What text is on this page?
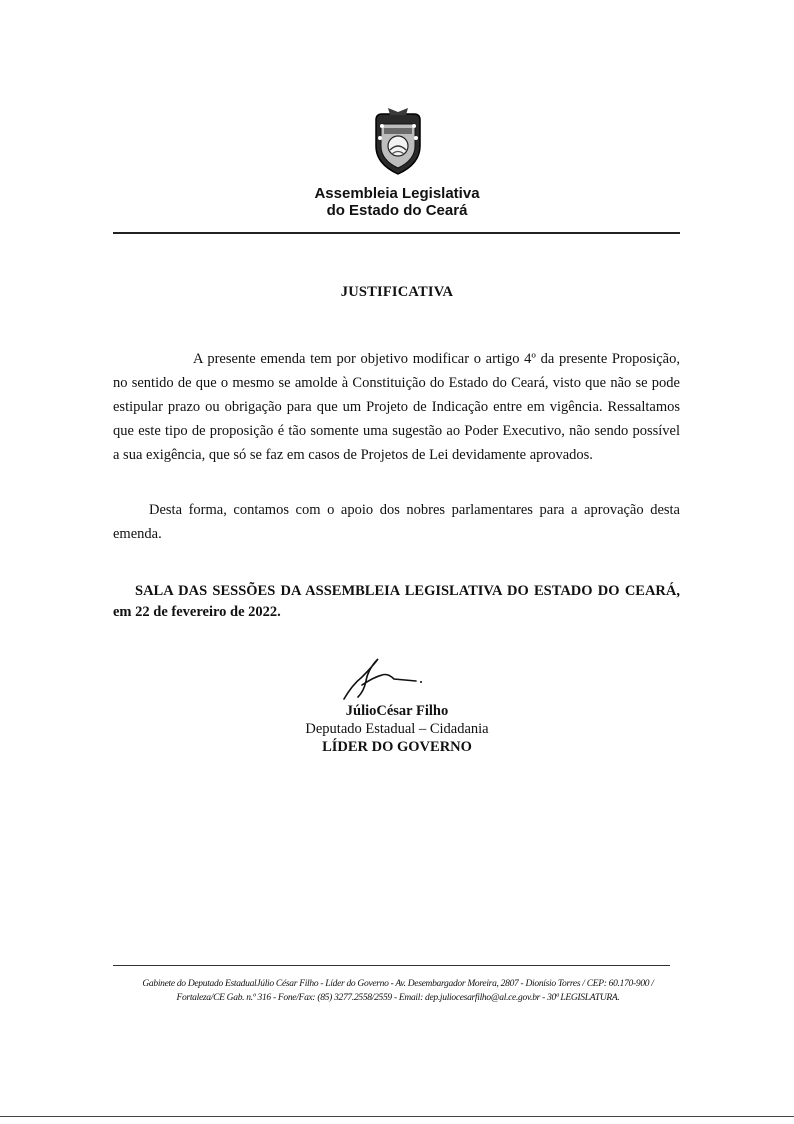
Assembleia Legislativa
do Estado do Ceará
JUSTIFICATIVA

A presente emenda tem por objetivo modificar o artigo 4º da presente Proposição, no sentido de que o mesmo se amolde à Constituição do Estado do Ceará, visto que não se pode estipular prazo ou obrigação para que um Projeto de Indicação entre em vigência. Ressaltamos que este tipo de proposição é tão somente uma sugestão ao Poder Executivo, não sendo possível a sua exigência, que só se faz em casos de Projetos de Lei devidamente aprovados.

Desta forma, contamos com o apoio dos nobres parlamentares para a aprovação desta emenda.

SALA DAS SESSÕES DA ASSEMBLEIA LEGISLATIVA DO ESTADO DO CEARÁ, em 22 de fevereiro de 2022.

JúlioCésar Filho
Deputado Estadual – Cidadania
LÍDER DO GOVERNO
Gabinete do Deputado EstadualJúlio César Filho - Líder do Governo - Av. Desembargador Moreira, 2807 - Dionísio Torres / CEP: 60.170-900 /
Fortaleza/CE Gab. n.º 316 - Fone/Fax: (85) 3277.2558/2559 - Email: dep.juliocesarfilho@al.ce.gov.br - 30ª LEGISLATURA.
